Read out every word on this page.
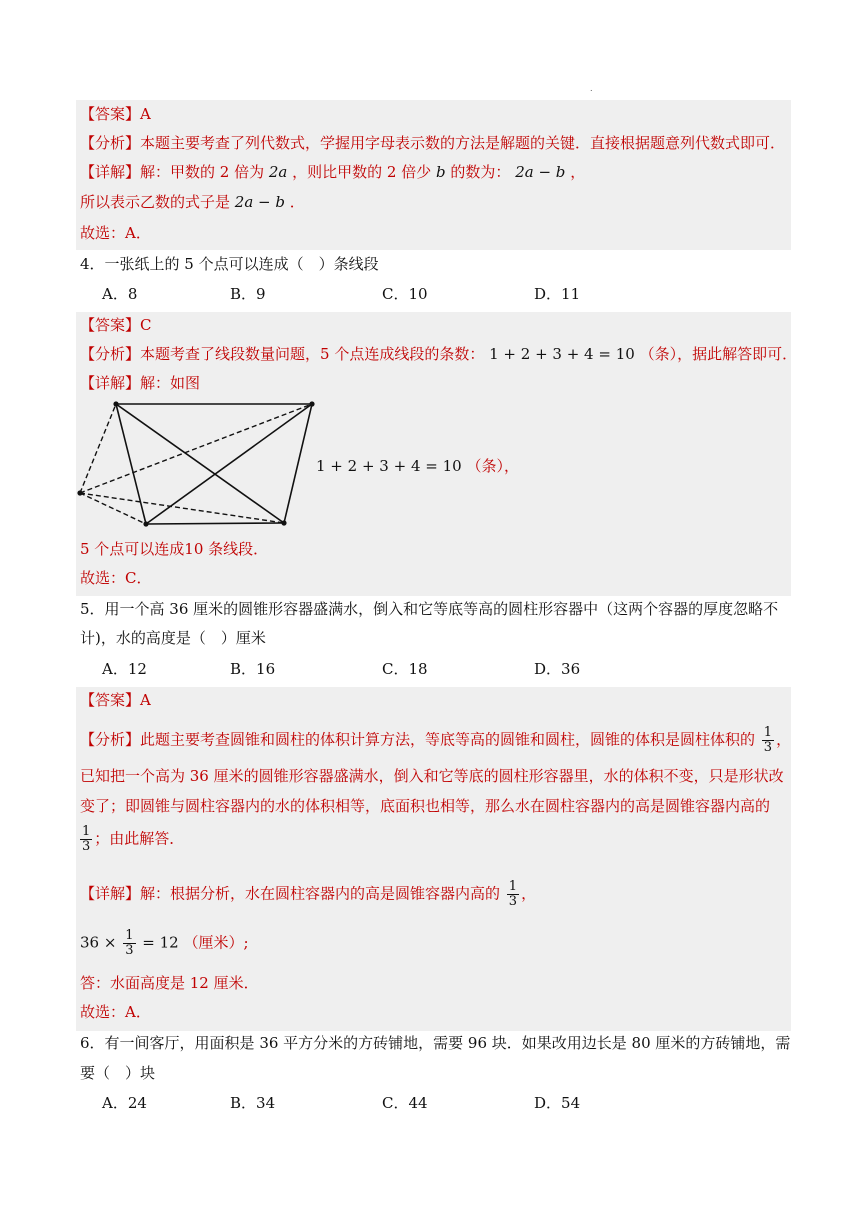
.
【答案】A
【分析】本题主要考查了列代数式，学握用字母表示数的方法是解题的关键．直接根据题意列代数式即可．
【详解】解：甲数的 2 倍为 2a ，则比甲数的 2 倍少 b 的数为： 2a − b ，
所以表示乙数的式子是 2a − b ．
故选：A．
4．一张纸上的 5 个点可以连成（　）条线段
A．8	B．9	C．10	D．11
【答案】C
【分析】本题考查了线段数量问题，5 个点连成线段的条数： 1 + 2 + 3 + 4 = 10 （条），据此解答即可．
【详解】解：如图
1 + 2 + 3 + 4 = 10 （条），
5 个点可以连成10 条线段．
故选：C．
5．用一个高 36 厘米的圆锥形容器盛满水，倒入和它等底等高的圆柱形容器中（这两个容器的厚度忽略不
计)，水的高度是（　）厘米
A．12	B．16	C．18	D．36
【答案】A
【分析】此题主要考查圆锥和圆柱的体积计算方法，等底等高的圆锥和圆柱，圆锥的体积是圆柱体积的 $\frac{1}{3}$ ，
已知把一个高为 36 厘米的圆锥形容器盛满水，倒入和它等底的圆柱形容器里，水的体积不变，只是形状改
变了；即圆锥与圆柱容器内的水的体积相等，底面积也相等，那么水在圆柱容器内的高是圆锥容器内高的
$\frac{1}{3}$ ；由此解答．
【详解】解：根据分析，水在圆柱容器内的高是圆锥容器内高的 $\frac{1}{3}$ ，
$36 \times \frac{1}{3} = 12$ （厘米）;
答：水面高度是 12 厘米．
故选：A．
6．有一间客厅，用面积是 36 平方分米的方砖铺地，需要 96 块．如果改用边长是 80 厘米的方砖铺地，需
要（　）块
A．24	B．34	C．44	D．54
